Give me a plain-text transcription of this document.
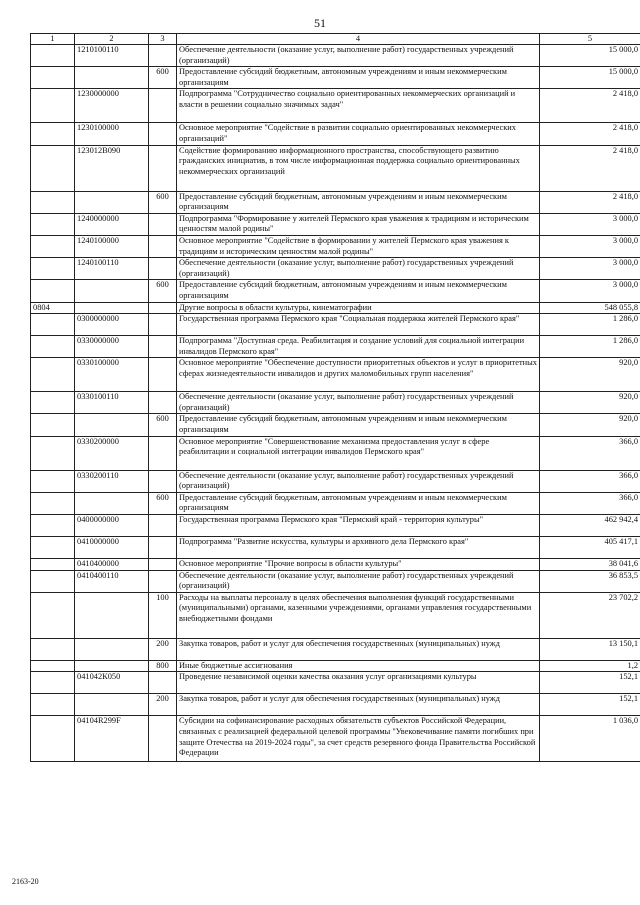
51
1	2	3	4	5
	1210100110		Обеспечение деятельности (оказание услуг, выполнение работ) государственных учреждений (организаций)	15 000,0
		600	Предоставление субсидий бюджетным, автономным учреждениям и иным некоммерческим организациям	15 000,0
	1230000000		Подпрограмма "Сотрудничество социально ориентированных некоммерческих организаций и власти в решении социально значимых задач"	2 418,0
	1230100000		Основное мероприятие "Содействие в развитии социально ориентированных некоммерческих организаций"	2 418,0
	123012В090		Содействие формированию информационного пространства, способствующего развитию гражданских инициатив, в том числе информационная поддержка социально ориентированных некоммерческих организаций	2 418,0
		600	Предоставление субсидий бюджетным, автономным учреждениям и иным некоммерческим организациям	2 418,0
	1240000000		Подпрограмма "Формирование у жителей Пермского края уважения к традициям и историческим ценностям малой родины"	3 000,0
	1240100000		Основное мероприятие "Содействие в формировании у жителей Пермского края уважения к традициям и историческим ценностям малой родины"	3 000,0
	1240100110		Обеспечение деятельности (оказание услуг, выполнение работ) государственных учреждений (организаций)	3 000,0
		600	Предоставление субсидий бюджетным, автономным учреждениям и иным некоммерческим организациям	3 000,0
0804			Другие вопросы в области культуры, кинематографии	548 055,8
	0300000000		Государственная программа Пермского края "Социальная поддержка жителей Пермского края"	1 286,0
	0330000000		Подпрограмма "Доступная среда. Реабилитация и создание условий для социальной интеграции инвалидов Пермского края"	1 286,0
	0330100000		Основное мероприятие "Обеспечение доступности приоритетных объектов и услуг в приоритетных сферах жизнедеятельности инвалидов и других маломобильных групп населения"	920,0
	0330100110		Обеспечение деятельности (оказание услуг, выполнение работ) государственных учреждений (организаций)	920,0
		600	Предоставление субсидий бюджетным, автономным учреждениям и иным некоммерческим организациям	920,0
	0330200000		Основное мероприятие "Совершенствование механизма предоставления услуг в сфере реабилитации и социальной интеграции инвалидов Пермского края"	366,0
	0330200110		Обеспечение деятельности (оказание услуг, выполнение работ) государственных учреждений (организаций)	366,0
		600	Предоставление субсидий бюджетным, автономным учреждениям и иным некоммерческим организациям	366,0
	0400000000		Государственная программа Пермского края "Пермский край - территория культуры"	462 942,4
	0410000000		Подпрограмма "Развитие искусства, культуры и архивного дела Пермского края"	405 417,1
	0410400000		Основное мероприятие "Прочие вопросы в области культуры"	38 041,6
	0410400110		Обеспечение деятельности (оказание услуг, выполнение работ) государственных учреждений (организаций)	36 853,5
		100	Расходы на выплаты персоналу в целях обеспечения выполнения функций государственными (муниципальными) органами, казенными учреждениями, органами управления государственными внебюджетными фондами	23 702,2
		200	Закупка товаров, работ и услуг для обеспечения государственных (муниципальных) нужд	13 150,1
		800	Иные бюджетные ассигнования	1,2
	041042К050		Проведение независимой оценки качества оказания услуг организациями культуры	152,1
		200	Закупка товаров, работ и услуг для обеспечения государственных (муниципальных) нужд	152,1
	04104R299F		Субсидии на софинансирование расходных обязательств субъектов Российской Федерации, связанных с реализацией федеральной целевой программы "Увековечивание памяти погибших при защите Отечества на 2019-2024 годы", за счет средств резервного фонда Правительства Российской Федерации	1 036,0
2163-20
